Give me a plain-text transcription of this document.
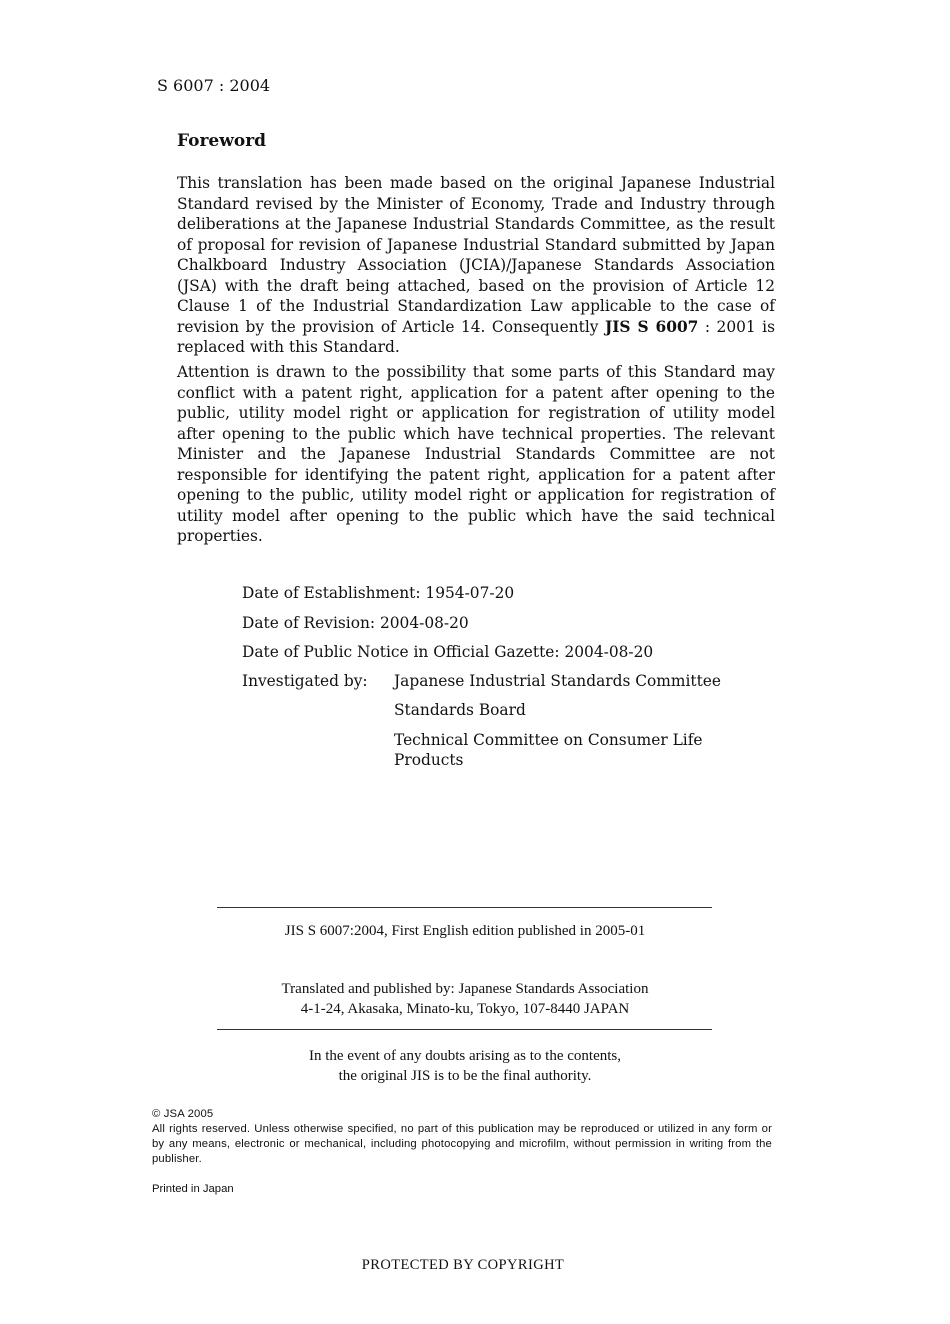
S 6007 : 2004
Foreword

This translation has been made based on the original Japanese Industrial Standard revised by the Minister of Economy, Trade and Industry through deliberations at the Japanese Industrial Standards Committee, as the result of proposal for revision of Japanese Industrial Standard submitted by Japan Chalkboard Industry Association (JCIA)/Japanese Standards Association (JSA) with the draft being attached, based on the provision of Article 12 Clause 1 of the Industrial Standardization Law applicable to the case of revision by the provision of Article 14. Consequently JIS S 6007 : 2001 is replaced with this Standard.

Attention is drawn to the possibility that some parts of this Standard may conflict with a patent right, application for a patent after opening to the public, utility model right or application for registration of utility model after opening to the public which have technical properties. The relevant Minister and the Japanese Industrial Standards Committee are not responsible for identifying the patent right, application for a patent after opening to the public, utility model right or application for registration of utility model after opening to the public which have the said technical properties.

Date of Establishment: 1954-07-20
Date of Revision: 2004-08-20
Date of Public Notice in Official Gazette: 2004-08-20
Investigated by:	Japanese Industrial Standards Committee
Standards Board
Technical Committee on Consumer Life Products
JIS S 6007:2004, First English edition published in 2005-01
Translated and published by: Japanese Standards Association
4-1-24, Akasaka, Minato-ku, Tokyo, 107-8440 JAPAN
In the event of any doubts arising as to the contents,
the original JIS is to be the final authority.
© JSA 2005
All rights reserved. Unless otherwise specified, no part of this publication may be reproduced or utilized in any form or by any means, electronic or mechanical, including photocopying and microfilm, without permission in writing from the publisher.
Printed in Japan
PROTECTED BY COPYRIGHT
